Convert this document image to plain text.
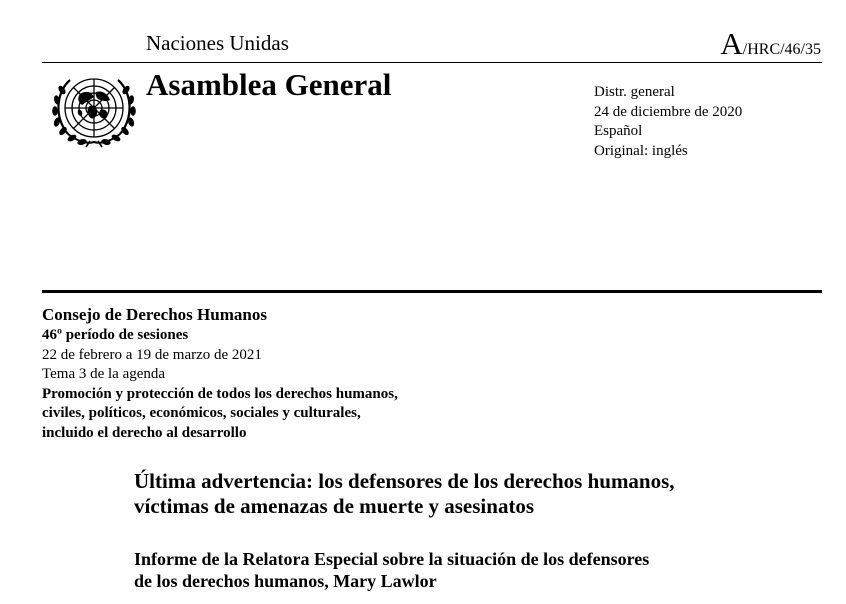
Naciones Unidas	A/HRC/46/35
Asamblea General	Distr. general
24 de diciembre de 2020
Español
Original: inglés
Consejo de Derechos Humanos
46º período de sesiones
22 de febrero a 19 de marzo de 2021
Tema 3 de la agenda
Promoción y protección de todos los derechos humanos,
civiles, políticos, económicos, sociales y culturales,
incluido el derecho al desarrollo
Última advertencia: los defensores de los derechos humanos,
víctimas de amenazas de muerte y asesinatos
Informe de la Relatora Especial sobre la situación de los defensores
de los derechos humanos, Mary Lawlor
